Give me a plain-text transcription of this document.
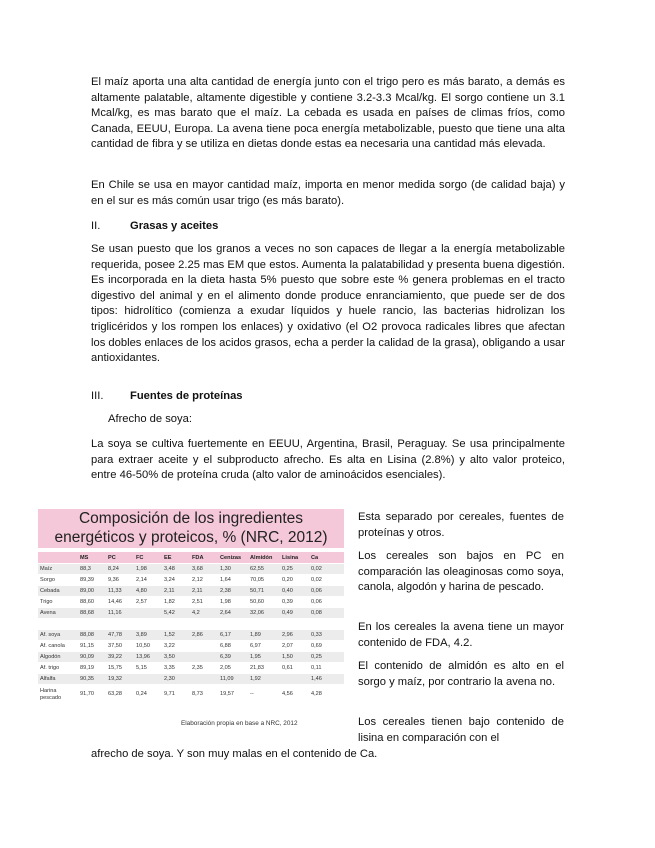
El maíz aporta una alta cantidad de energía junto con el trigo pero es más barato, a demás es altamente palatable, altamente digestible y contiene 3.2-3.3 Mcal/kg. El sorgo contiene un 3.1 Mcal/kg, es mas barato que el maíz. La cebada es usada en países de climas fríos, como Canada, EEUU, Europa. La avena tiene poca energía metabolizable, puesto que tiene una alta cantidad de fibra y se utiliza en dietas donde estas ea necesaria una cantidad más elevada.

En Chile se usa en mayor cantidad maíz, importa en menor medida sorgo (de calidad baja) y en el sur es más común usar trigo (es más barato).

II.	Grasas y aceites

Se usan puesto que los granos a veces no son capaces de llegar a la energía metabolizable requerida, posee 2.25 mas EM que estos. Aumenta la palatabilidad y presenta buena digestión. Es incorporada en la dieta hasta 5% puesto que sobre este % genera problemas en el tracto digestivo del animal y en el alimento donde produce enranciamiento, que puede ser de dos tipos: hidrolítico (comienza a exudar líquidos y huele rancio, las bacterias hidrolizan los triglicéridos y los rompen los enlaces) y oxidativo (el O2 provoca radicales libres que afectan los dobles enlaces de los acidos grasos, echa a perder la calidad de la grasa), obligando a usar antioxidantes.

III. Fuentes de proteínas

Afrecho de soya:

La soya se cultiva fuertemente en EEUU, Argentina, Brasil, Peraguay. Se usa principalmente para extraer aceite y el subproducto afrecho. Es alta en Lisina (2.8%) y alto valor proteico, entre 46-50% de proteína cruda (alto valor de aminoácidos esenciales).

Composición de los ingredientes
energéticos y proteicos, % (NRC, 2012)
	MS	PC	FC	EE	FDA	Cenizas	Almidón	Lisina	Ca
Maíz	88,3	8,24	1,98	3,48	3,68	1,30	62,55	0,25	0,02
Sorgo	89,39	9,36	2,14	3,24	2,12	1,64	70,05	0,20	0,02
Cebada	89,00	11,33	4,80	2,11	2,11	2,38	50,71	0,40	0,06
Trigo	88,60	14,46	2,57	1,82	2,51	1,98	50,60	0,39	0,06
Avena	88,68	11,16		5,42	4,2	2,64	32,06	0,49	0,08

Af. soya	88,08	47,78	3,89	1,52	2,86	6,17	1,89	2,96	0,33
Af. canola	91,15	37,50	10,50	3,22		6,88	6,97	2,07	0,69
Algodón	90,09	39,22	13,96	3,50		6,39	1,95	1,50	0,25
Af. trigo	89,19	15,75	5,15	3,35	2,35	2,05	21,83	0,61	0,11
Alfalfa	90,35	19,32		2,30		11,09	1,92		1,46
Harina pescado	91,70	63,28	0,24	9,71	8,73	19,57	--	4,56	4,28
Elaboración propia en base a NRC, 2012

Esta separado por cereales, fuentes de proteínas y otros.

Los cereales son bajos en PC en comparación las oleaginosas como soya, canola, algodón y harina de pescado.

En los cereales la avena tiene un mayor contenido de FDA, 4.2.

El contenido de almidón es alto en el sorgo y maíz, por contrario la avena no.

Los cereales tienen bajo contenido de lisina en comparación con el

afrecho de soya. Y son muy malas en el contenido de Ca.
